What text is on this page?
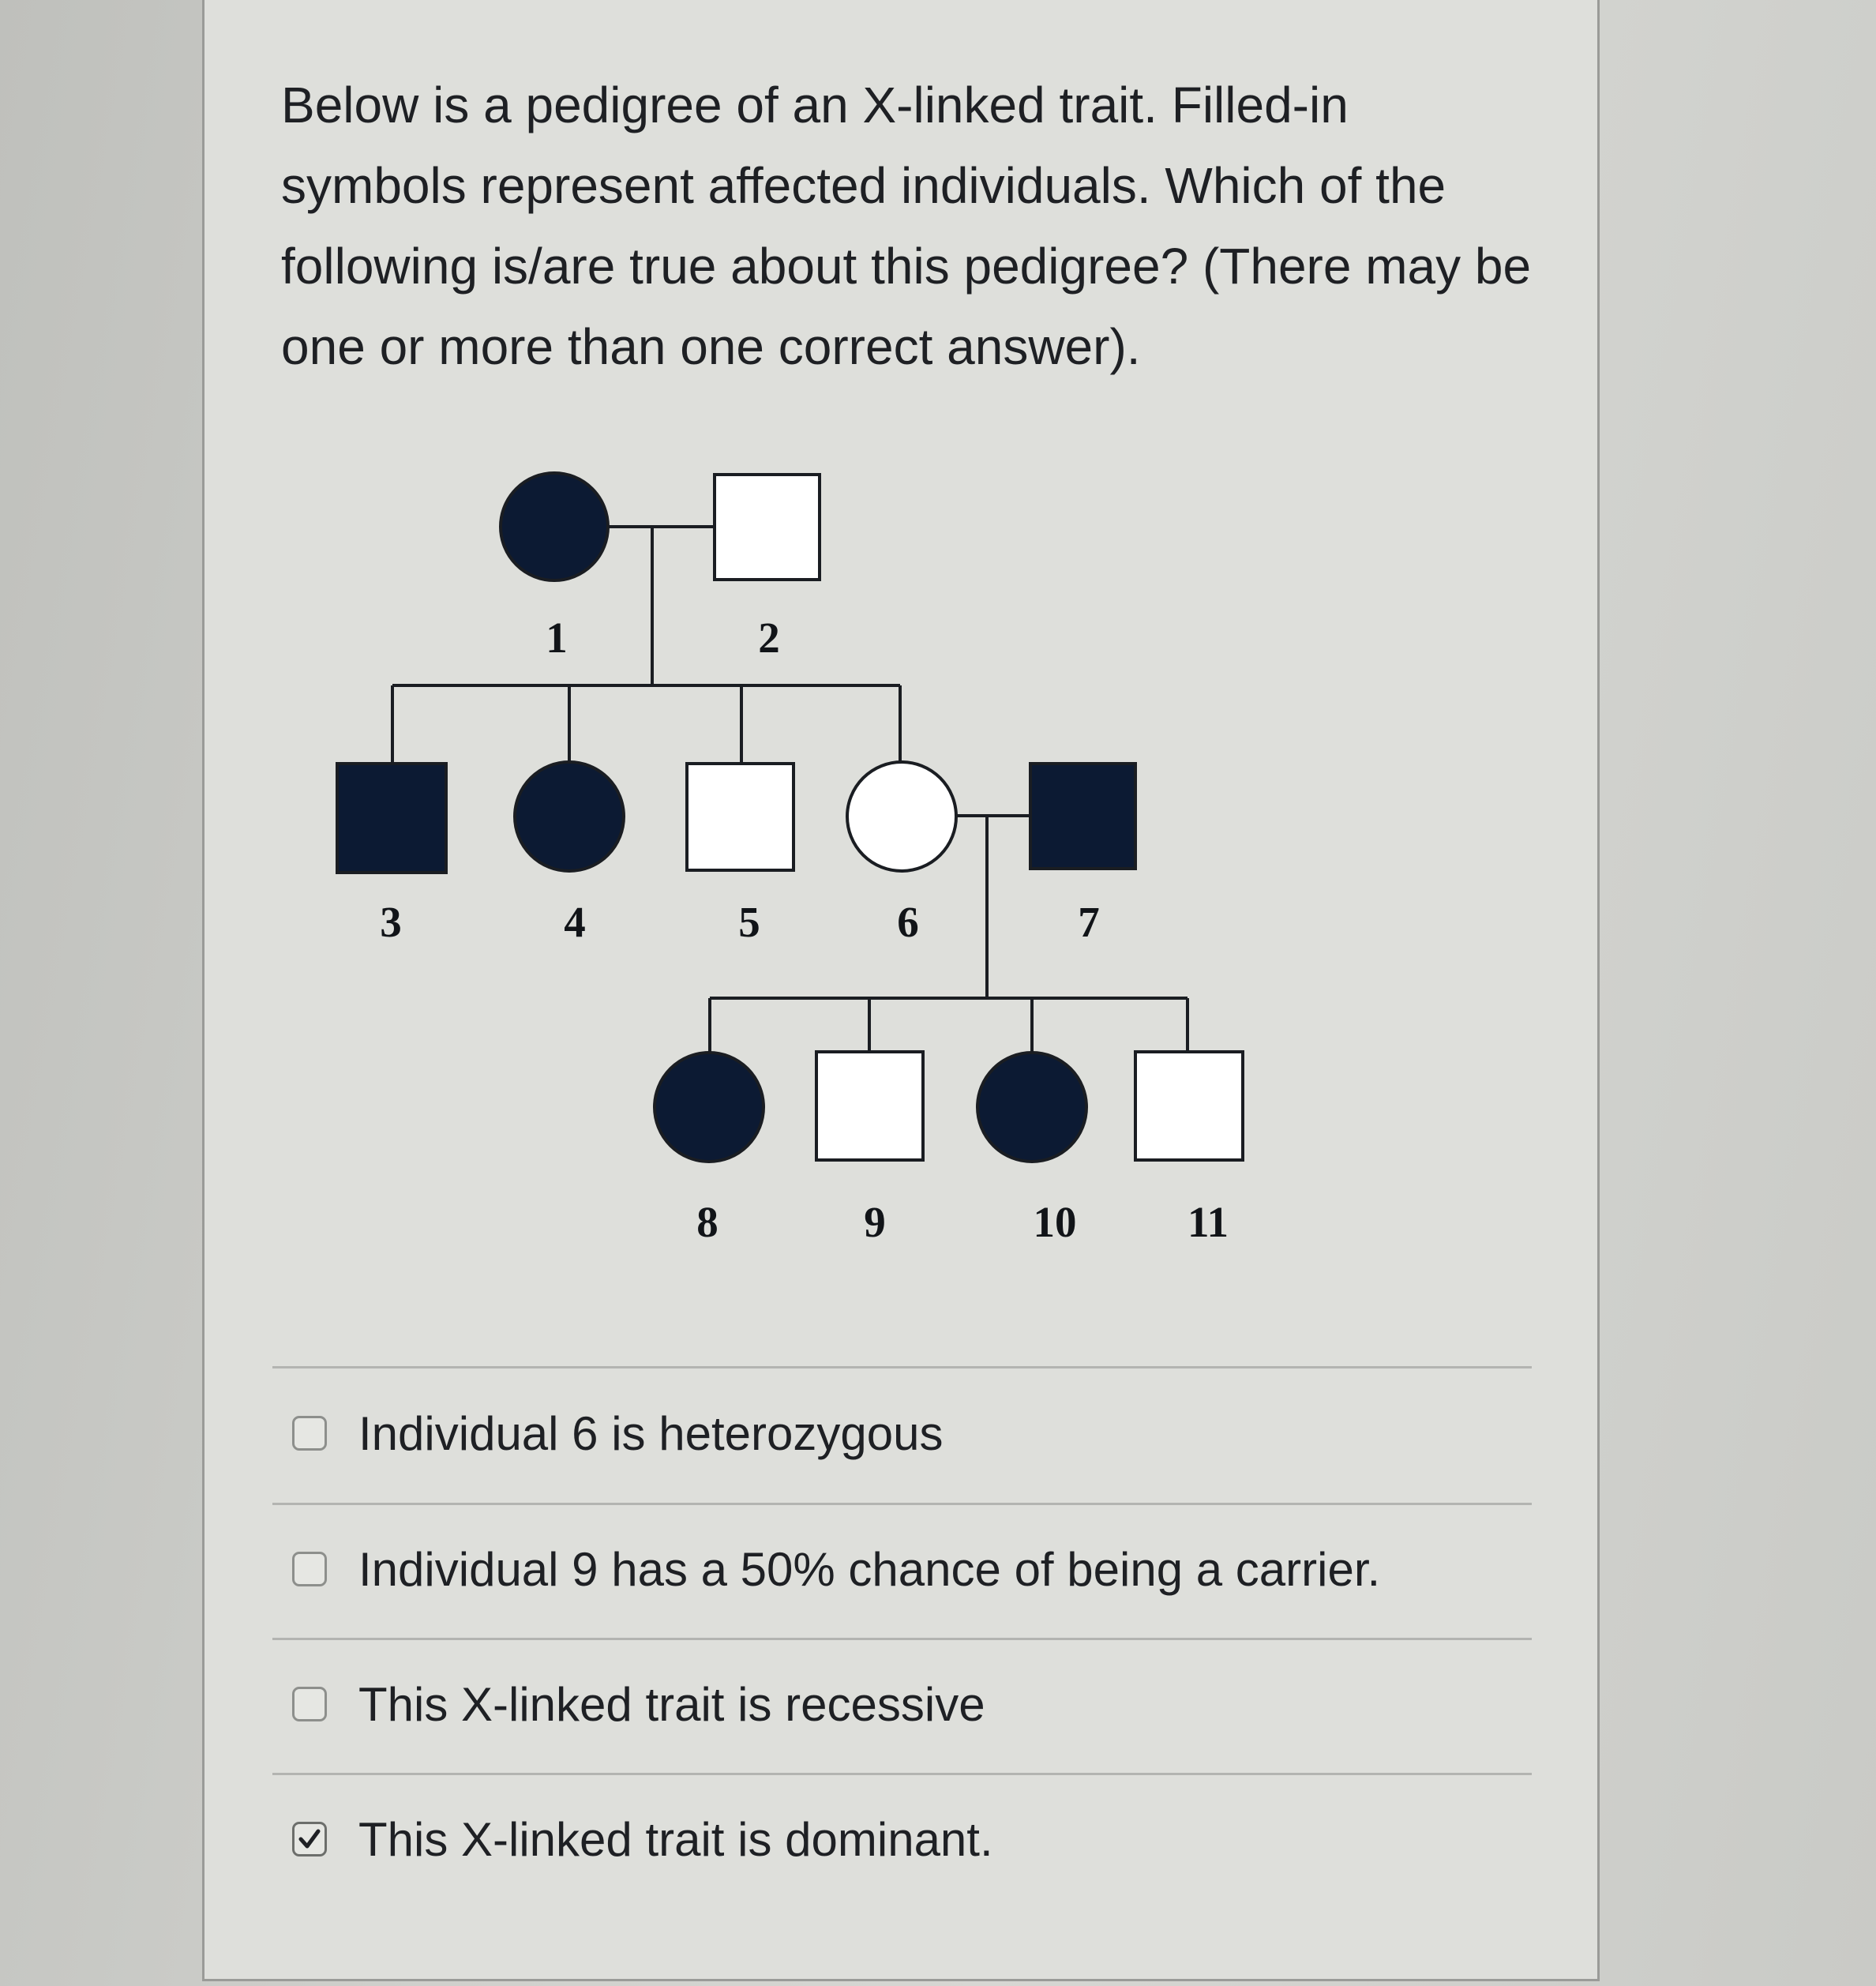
Below is a pedigree of an X-linked trait. Filled-in symbols represent affected individuals. Which of the following is/are true about this pedigree? (There may be one or more than one correct answer).

1	2
3	4	5	6	7
8	9	10	11
Individual 6 is heterozygous
Individual 9 has a 50% chance of being a carrier.
This X-linked trait is recessive
This X-linked trait is dominant.
